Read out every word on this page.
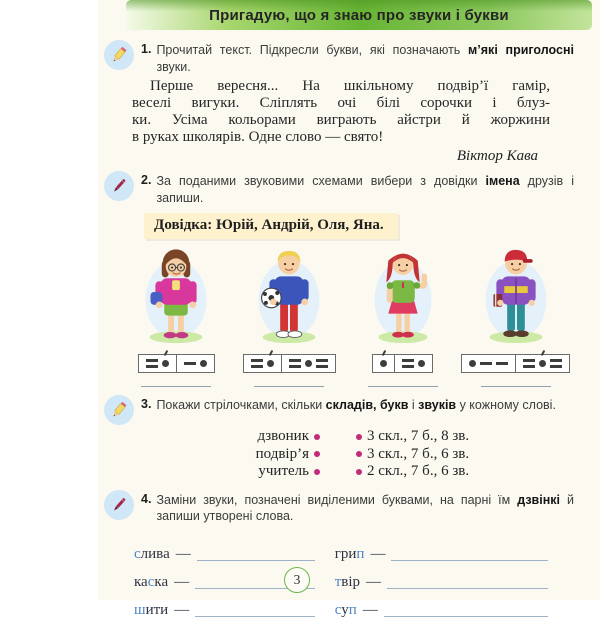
Пригадую, що я знаю про звуки і букви
1. Прочитай текст. Підкресли букви, які позначають м’які приголосні звуки.
Перше вересня... На шкільному подвір’ї гамір,
веселі вигуки. Сліплять очі білі сорочки і блуз-
ки. Усіма кольорами виграють айстри й жоржини
в руках школярів. Одне слово — свято!
Віктор Кава
2. За поданими звуковими схемами вибери з довідки імена друзів і запиши.
Довідка: Юрій, Андрій, Оля, Яна.
3. Покажи стрілочками, скільки складів, букв і звуків у кожному слові.
дзвоник	3 скл., 7 б., 8 зв.
подвір’я	3 скл., 7 б., 6 зв.
учитель	2 скл., 7 б., 6 зв.
4. Заміни звуки, позначені виділеними буквами, на парні їм дзвінкі й запиши утворені слова.
слива —	грип —
каска —	твір —
шити —	суп —
3
